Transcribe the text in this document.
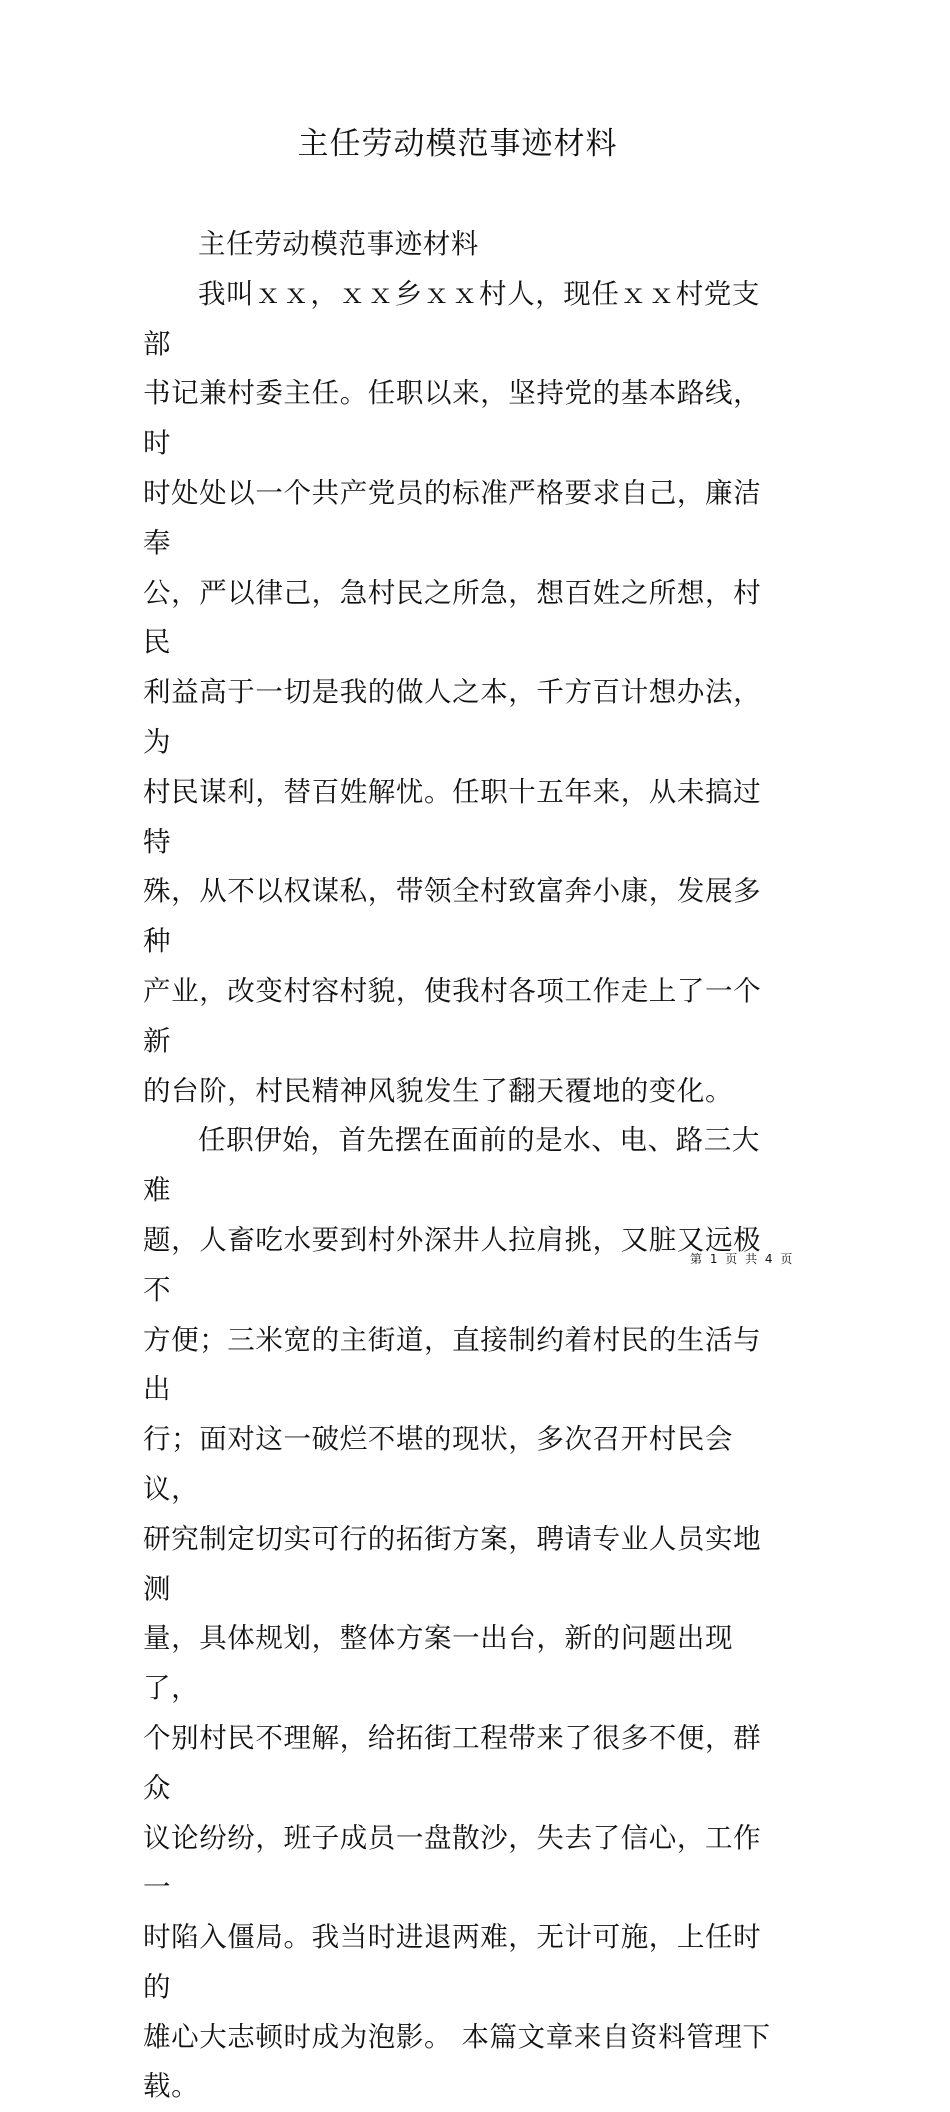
主任劳动模范事迹材料

主任劳动模范事迹材料

我叫ｘｘ，ｘｘ乡ｘｘ村人，现任ｘｘ村党支部
书记兼村委主任。任职以来，坚持党的基本路线，时
时处处以一个共产党员的标准严格要求自己，廉洁奉
公，严以律己，急村民之所急，想百姓之所想，村民
利益高于一切是我的做人之本，千方百计想办法，为
村民谋利，替百姓解忧。任职十五年来，从未搞过特
殊，从不以权谋私，带领全村致富奔小康，发展多种
产业，改变村容村貌，使我村各项工作走上了一个新
的台阶，村民精神风貌发生了翻天覆地的变化。

任职伊始，首先摆在面前的是水、电、路三大难
题，人畜吃水要到村外深井人拉肩挑，又脏又远极不
方便；三米宽的主街道，直接制约着村民的生活与出
行；面对这一破烂不堪的现状，多次召开村民会议，
研究制定切实可行的拓街方案，聘请专业人员实地测
量，具体规划，整体方案一出台，新的问题出现了，
个别村民不理解，给拓街工程带来了很多不便，群众
议论纷纷，班子成员一盘散沙，失去了信心，工作一
时陷入僵局。我当时进退两难，无计可施，上任时的
雄心大志顿时成为泡影。 本篇文章来自资料管理下载。

第 1 页 共 4 页
